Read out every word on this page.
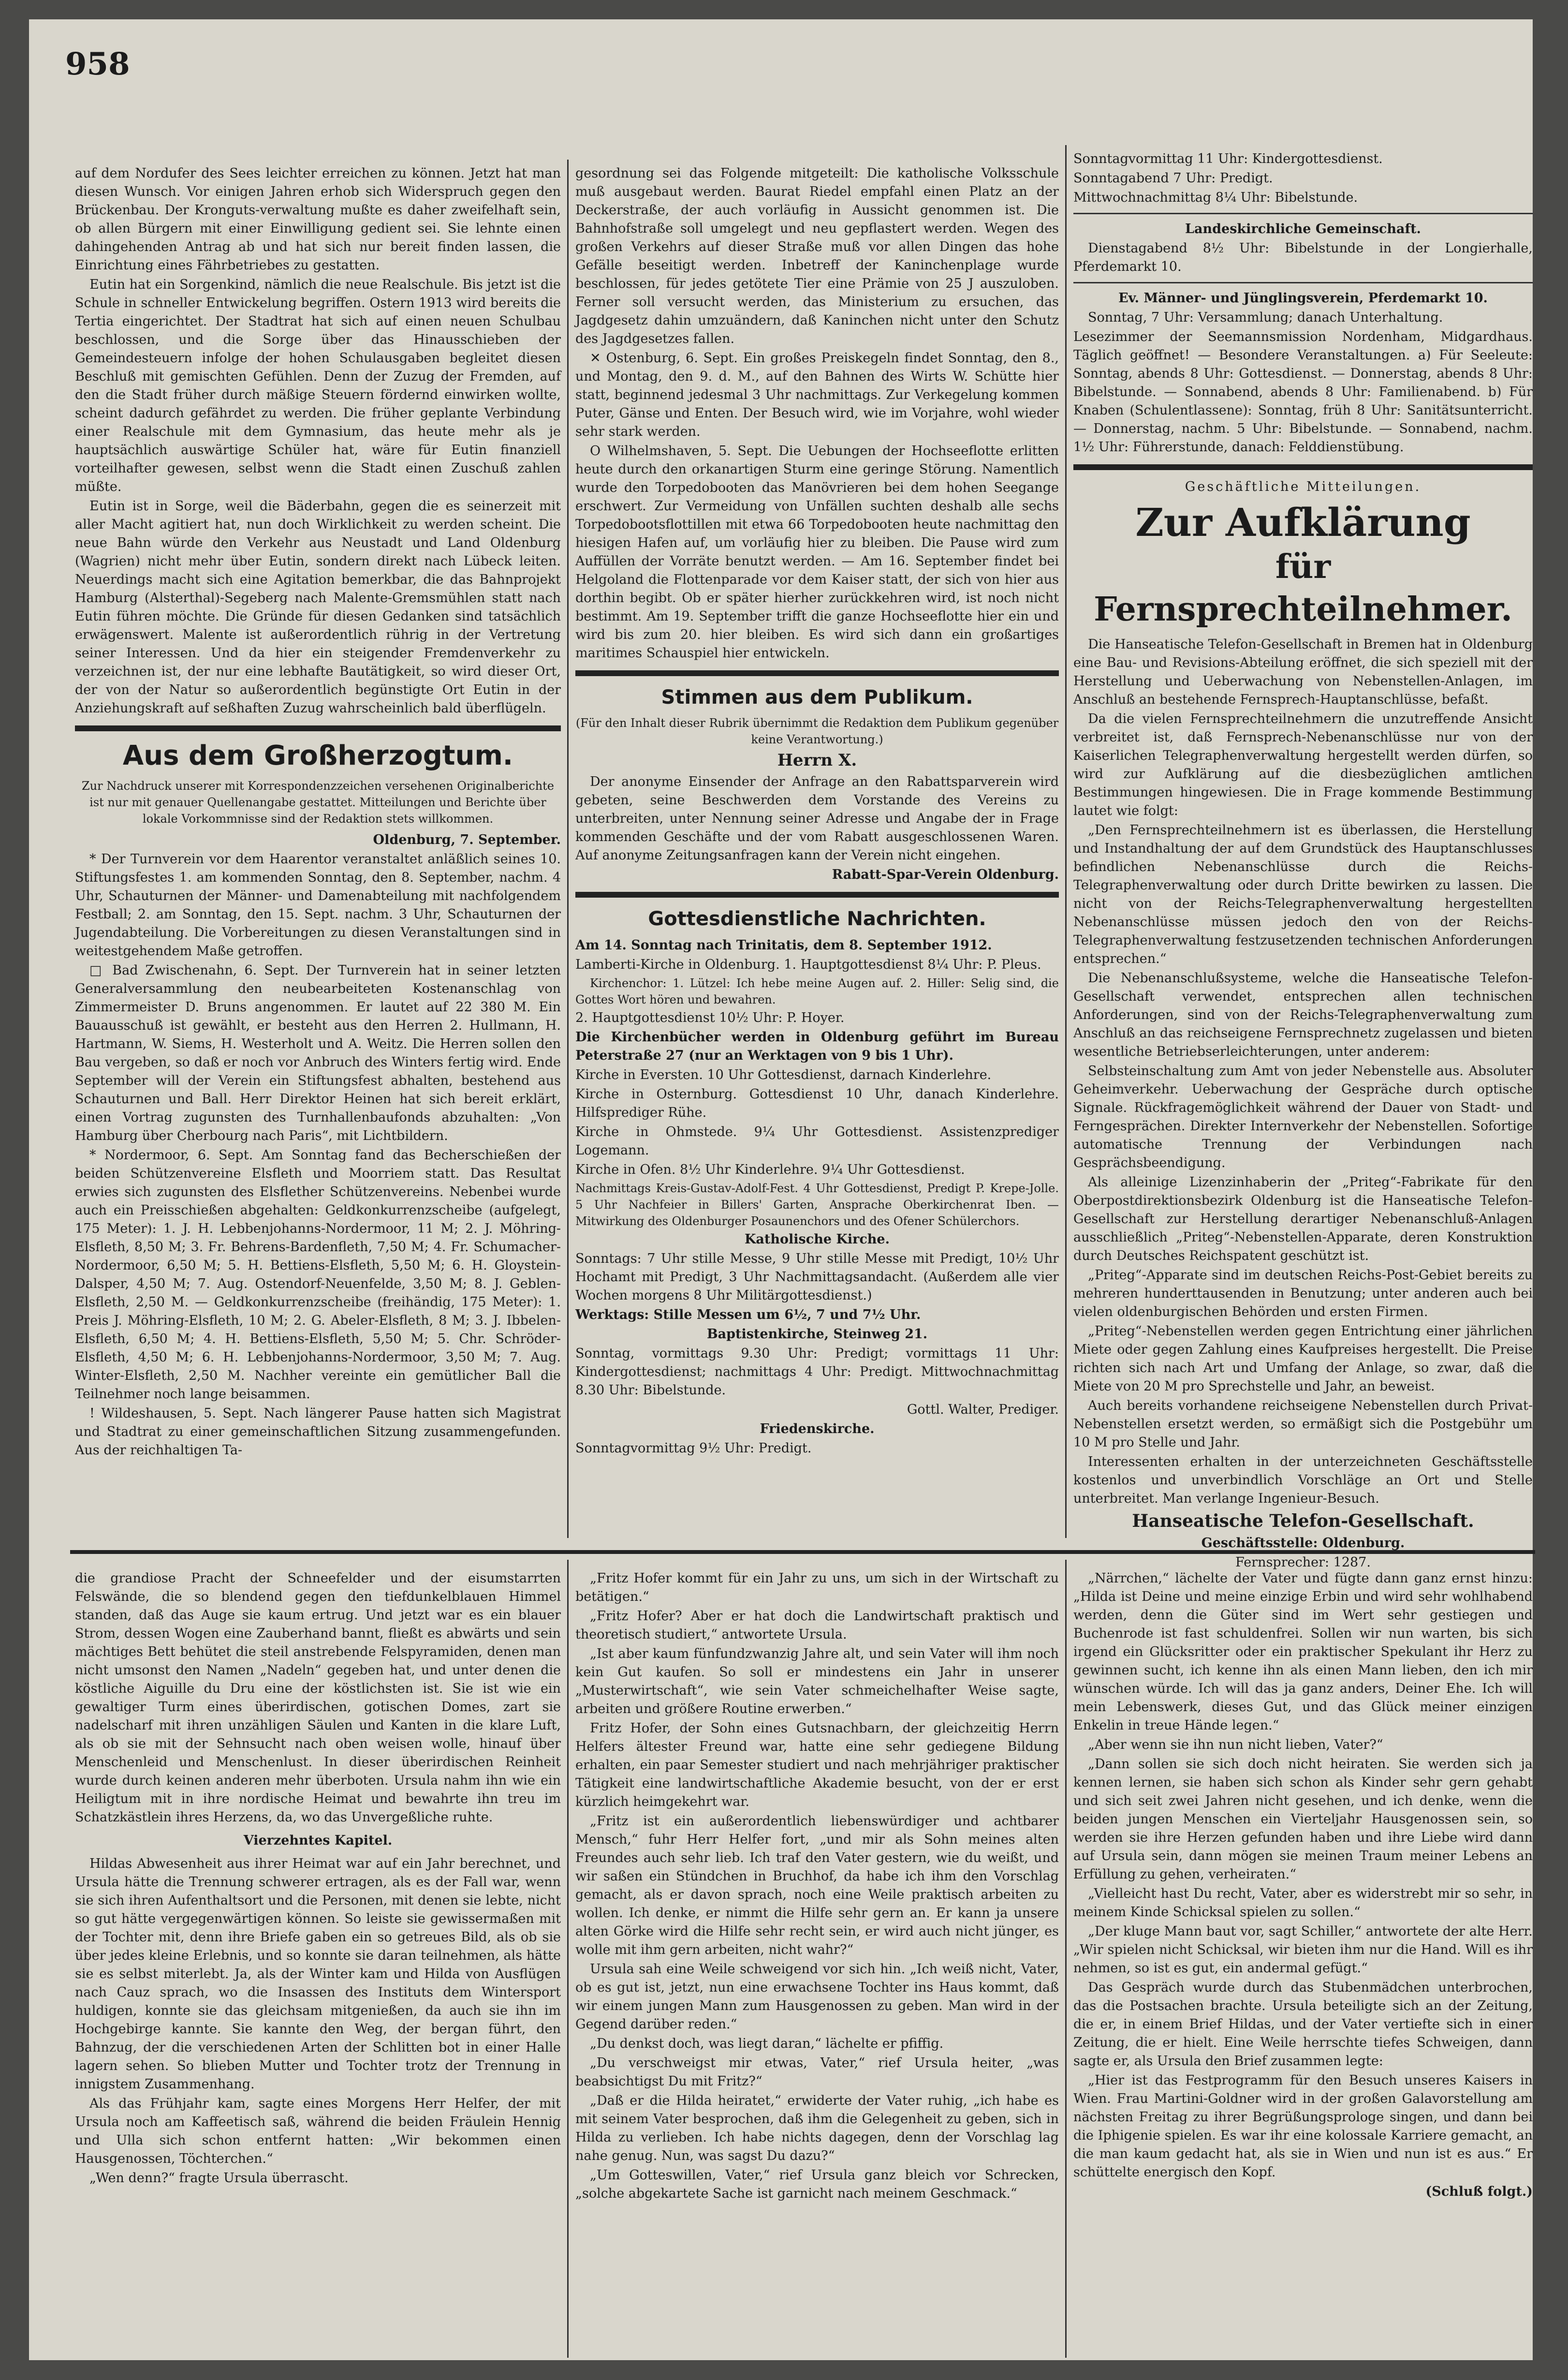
958

auf dem Nordufer des Sees leichter erreichen zu können. Jetzt hat man diesen Wunsch. Vor einigen Jahren erhob sich Widerspruch gegen den Brückenbau. Der Kronguts-verwaltung mußte es daher zweifelhaft sein, ob allen Bürgern mit einer Einwilligung gedient sei. Sie lehnte einen dahingehenden Antrag ab und hat sich nur bereit finden lassen, die Einrichtung eines Fährbetriebes zu gestatten.

Eutin hat ein Sorgenkind, nämlich die neue Realschule. Bis jetzt ist die Schule in schneller Entwickelung begriffen. Ostern 1913 wird bereits die Tertia eingerichtet. Der Stadtrat hat sich auf einen neuen Schulbau beschlossen, und die Sorge über das Hinausschieben der Gemeindesteuern infolge der hohen Schulausgaben begleitet diesen Beschluß mit gemischten Gefühlen. Denn der Zuzug der Fremden, auf den die Stadt früher durch mäßige Steuern fördernd einwirken wollte, scheint dadurch gefährdet zu werden. Die früher geplante Verbindung einer Realschule mit dem Gymnasium, das heute mehr als je hauptsächlich auswärtige Schüler hat, wäre für Eutin finanziell vorteilhafter gewesen, selbst wenn die Stadt einen Zuschuß zahlen müßte.

Eutin ist in Sorge, weil die Bäderbahn, gegen die es seinerzeit mit aller Macht agitiert hat, nun doch Wirklichkeit zu werden scheint. Die neue Bahn würde den Verkehr aus Neustadt und Land Oldenburg (Wagrien) nicht mehr über Eutin, sondern direkt nach Lübeck leiten. Neuerdings macht sich eine Agitation bemerkbar, die das Bahnprojekt Hamburg (Alsterthal)-Segeberg nach Malente-Gremsmühlen statt nach Eutin führen möchte. Die Gründe für diesen Gedanken sind tatsächlich erwägenswert. Malente ist außerordentlich rührig in der Vertretung seiner Interessen. Und da hier ein steigender Fremdenverkehr zu verzeichnen ist, der nur eine lebhafte Bautätigkeit, so wird dieser Ort, der von der Natur so außerordentlich begünstigte Ort Eutin in der Anziehungskraft auf seßhaften Zuzug wahrscheinlich bald überflügeln.

Aus dem Großherzogtum.

Zur Nachdruck unserer mit Korrespondenzzeichen versehenen Originalberichte ist nur mit genauer Quellenangabe gestattet. Mitteilungen und Berichte über lokale Vorkommnisse sind der Redaktion stets willkommen.

Oldenburg, 7. September.

* Der Turnverein vor dem Haarentor veranstaltet anläßlich seines 10. Stiftungsfestes 1. am kommenden Sonntag, den 8. September, nachm. 4 Uhr, Schauturnen der Männer- und Damenabteilung mit nachfolgendem Festball; 2. am Sonntag, den 15. Sept. nachm. 3 Uhr, Schauturnen der Jugendabteilung. Die Vorbereitungen zu diesen Veranstaltungen sind in weitestgehendem Maße getroffen.

□ Bad Zwischenahn, 6. Sept. Der Turnverein hat in seiner letzten Generalversammlung den neubearbeiteten Kostenanschlag von Zimmermeister D. Bruns angenommen. Er lautet auf 22 380 M. Ein Bauausschuß ist gewählt, er besteht aus den Herren 2. Hullmann, H. Hartmann, W. Siems, H. Westerholt und A. Weitz. Die Herren sollen den Bau vergeben, so daß er noch vor Anbruch des Winters fertig wird. Ende September will der Verein ein Stiftungsfest abhalten, bestehend aus Schauturnen und Ball. Herr Direktor Heinen hat sich bereit erklärt, einen Vortrag zugunsten des Turnhallenbaufonds abzuhalten: „Von Hamburg über Cherbourg nach Paris“, mit Lichtbildern.

* Nordermoor, 6. Sept. Am Sonntag fand das Becherschießen der beiden Schützenvereine Elsfleth und Moorriem statt. Das Resultat erwies sich zugunsten des Elsflether Schützenvereins. Nebenbei wurde auch ein Preisschießen abgehalten: Geldkonkurrenzscheibe (aufgelegt, 175 Meter): 1. J. H. Lebbenjohanns-Nordermoor, 11 M; 2. J. Möhring-Elsfleth, 8,50 M; 3. Fr. Behrens-Bardenfleth, 7,50 M; 4. Fr. Schumacher-Nordermoor, 6,50 M; 5. H. Bettiens-Elsfleth, 5,50 M; 6. H. Gloystein-Dalsper, 4,50 M; 7. Aug. Ostendorf-Neuenfelde, 3,50 M; 8. J. Geblen-Elsfleth, 2,50 M. — Geldkonkurrenzscheibe (freihändig, 175 Meter): 1. Preis J. Möhring-Elsfleth, 10 M; 2. G. Abeler-Elsfleth, 8 M; 3. J. Ibbelen-Elsfleth, 6,50 M; 4. H. Bettiens-Elsfleth, 5,50 M; 5. Chr. Schröder-Elsfleth, 4,50 M; 6. H. Lebbenjohanns-Nordermoor, 3,50 M; 7. Aug. Winter-Elsfleth, 2,50 M. Nachher vereinte ein gemütlicher Ball die Teilnehmer noch lange beisammen.

! Wildeshausen, 5. Sept. Nach längerer Pause hatten sich Magistrat und Stadtrat zu einer gemeinschaftlichen Sitzung zusammengefunden. Aus der reichhaltigen Ta-

gesordnung sei das Folgende mitgeteilt: Die katholische Volksschule muß ausgebaut werden. Baurat Riedel empfahl einen Platz an der Deckerstraße, der auch vorläufig in Aussicht genommen ist. Die Bahnhofstraße soll umgelegt und neu gepflastert werden. Wegen des großen Verkehrs auf dieser Straße muß vor allen Dingen das hohe Gefälle beseitigt werden. Inbetreff der Kaninchenplage wurde beschlossen, für jedes getötete Tier eine Prämie von 25 J auszuloben. Ferner soll versucht werden, das Ministerium zu ersuchen, das Jagdgesetz dahin umzuändern, daß Kaninchen nicht unter den Schutz des Jagdgesetzes fallen.

✕ Ostenburg, 6. Sept. Ein großes Preiskegeln findet Sonntag, den 8., und Montag, den 9. d. M., auf den Bahnen des Wirts W. Schütte hier statt, beginnend jedesmal 3 Uhr nachmittags. Zur Verkegelung kommen Puter, Gänse und Enten. Der Besuch wird, wie im Vorjahre, wohl wieder sehr stark werden.

O Wilhelmshaven, 5. Sept. Die Uebungen der Hochseeflotte erlitten heute durch den orkanartigen Sturm eine geringe Störung. Namentlich wurde den Torpedobooten das Manövrieren bei dem hohen Seegange erschwert. Zur Vermeidung von Unfällen suchten deshalb alle sechs Torpedobootsflottillen mit etwa 66 Torpedobooten heute nachmittag den hiesigen Hafen auf, um vorläufig hier zu bleiben. Die Pause wird zum Auffüllen der Vorräte benutzt werden. — Am 16. September findet bei Helgoland die Flottenparade vor dem Kaiser statt, der sich von hier aus dorthin begibt. Ob er später hierher zurückkehren wird, ist noch nicht bestimmt. Am 19. September trifft die ganze Hochseeflotte hier ein und wird bis zum 20. hier bleiben. Es wird sich dann ein großartiges maritimes Schauspiel hier entwickeln.

Stimmen aus dem Publikum.

(Für den Inhalt dieser Rubrik übernimmt die Redaktion dem Publikum gegenüber keine Verantwortung.)

Herrn X.

Der anonyme Einsender der Anfrage an den Rabattsparverein wird gebeten, seine Beschwerden dem Vorstande des Vereins zu unterbreiten, unter Nennung seiner Adresse und Angabe der in Frage kommenden Geschäfte und der vom Rabatt ausgeschlossenen Waren. Auf anonyme Zeitungsanfragen kann der Verein nicht eingehen.

Rabatt-Spar-Verein Oldenburg.

Gottesdienstliche Nachrichten.

Am 14. Sonntag nach Trinitatis, dem 8. September 1912.

Lamberti-Kirche in Oldenburg. 1. Hauptgottesdienst 8¼ Uhr: P. Pleus.

Kirchenchor: 1. Lützel: Ich hebe meine Augen auf. 2. Hiller: Selig sind, die Gottes Wort hören und bewahren.

2. Hauptgottesdienst 10½ Uhr: P. Hoyer.

Die Kirchenbücher werden in Oldenburg geführt im Bureau Peterstraße 27 (nur an Werktagen von 9 bis 1 Uhr).

Kirche in Eversten. 10 Uhr Gottesdienst, darnach Kinderlehre.

Kirche in Osternburg. Gottesdienst 10 Uhr, danach Kinderlehre. Hilfsprediger Rühe.

Kirche in Ohmstede. 9¼ Uhr Gottesdienst. Assistenzprediger Logemann.

Kirche in Ofen. 8½ Uhr Kinderlehre. 9¼ Uhr Gottesdienst.

Nachmittags Kreis-Gustav-Adolf-Fest. 4 Uhr Gottesdienst, Predigt P. Krepe-Jolle. 5 Uhr Nachfeier in Billers' Garten, Ansprache Oberkirchenrat Iben. — Mitwirkung des Oldenburger Posaunenchors und des Ofener Schülerchors.

Katholische Kirche.

Sonntags: 7 Uhr stille Messe, 9 Uhr stille Messe mit Predigt, 10½ Uhr Hochamt mit Predigt, 3 Uhr Nachmittagsandacht. (Außerdem alle vier Wochen morgens 8 Uhr Militärgottesdienst.)

Werktags: Stille Messen um 6½, 7 und 7½ Uhr.

Baptistenkirche, Steinweg 21.

Sonntag, vormittags 9.30 Uhr: Predigt; vormittags 11 Uhr: Kindergottesdienst; nachmittags 4 Uhr: Predigt. Mittwochnachmittag 8.30 Uhr: Bibelstunde.

Gottl. Walter, Prediger.

Friedenskirche.

Sonntagvormittag 9½ Uhr: Predigt.

Sonntagvormittag 11 Uhr: Kindergottesdienst.

Sonntagabend 7 Uhr: Predigt.

Mittwochnachmittag 8¼ Uhr: Bibelstunde.

Landeskirchliche Gemeinschaft.

Dienstagabend 8½ Uhr: Bibelstunde in der Longierhalle, Pferdemarkt 10.

Ev. Männer- und Jünglingsverein, Pferdemarkt 10.

Sonntag, 7 Uhr: Versammlung; danach Unterhaltung.

Lesezimmer der Seemannsmission Nordenham, Midgardhaus. Täglich geöffnet! — Besondere Veranstaltungen. a) Für Seeleute: Sonntag, abends 8 Uhr: Gottesdienst. — Donnerstag, abends 8 Uhr: Bibelstunde. — Sonnabend, abends 8 Uhr: Familienabend. b) Für Knaben (Schulentlassene): Sonntag, früh 8 Uhr: Sanitätsunterricht. — Donnerstag, nachm. 5 Uhr: Bibelstunde. — Sonnabend, nachm. 1½ Uhr: Führerstunde, danach: Felddienstübung.

Geschäftliche Mitteilungen.

Zur Aufklärung
für Fernsprechteilnehmer.

Die Hanseatische Telefon-Gesellschaft in Bremen hat in Oldenburg eine Bau- und Revisions-Abteilung eröffnet, die sich speziell mit der Herstellung und Ueberwachung von Nebenstellen-Anlagen, im Anschluß an bestehende Fernsprech-Hauptanschlüsse, befaßt.

Da die vielen Fernsprechteilnehmern die unzutreffende Ansicht verbreitet ist, daß Fernsprech-Nebenanschlüsse nur von der Kaiserlichen Telegraphenverwaltung hergestellt werden dürfen, so wird zur Aufklärung auf die diesbezüglichen amtlichen Bestimmungen hingewiesen. Die in Frage kommende Bestimmung lautet wie folgt:

„Den Fernsprechteilnehmern ist es überlassen, die Herstellung und Instandhaltung der auf dem Grundstück des Hauptanschlusses befindlichen Nebenanschlüsse durch die Reichs-Telegraphenverwaltung oder durch Dritte bewirken zu lassen. Die nicht von der Reichs-Telegraphenverwaltung hergestellten Nebenanschlüsse müssen jedoch den von der Reichs-Telegraphenverwaltung festzusetzenden technischen Anforderungen entsprechen.“

Die Nebenanschlußsysteme, welche die Hanseatische Telefon-Gesellschaft verwendet, entsprechen allen technischen Anforderungen, sind von der Reichs-Telegraphenverwaltung zum Anschluß an das reichseigene Fernsprechnetz zugelassen und bieten wesentliche Betriebserleichterungen, unter anderem:

Selbsteinschaltung zum Amt von jeder Nebenstelle aus. Absoluter Geheimverkehr. Ueberwachung der Gespräche durch optische Signale. Rückfragemöglichkeit während der Dauer von Stadt- und Ferngesprächen. Direkter Internverkehr der Nebenstellen. Sofortige automatische Trennung der Verbindungen nach Gesprächsbeendigung.

Als alleinige Lizenzinhaberin der „Priteg“-Fabrikate für den Oberpostdirektionsbezirk Oldenburg ist die Hanseatische Telefon-Gesellschaft zur Herstellung derartiger Nebenanschluß-Anlagen ausschließlich „Priteg“-Nebenstellen-Apparate, deren Konstruktion durch Deutsches Reichspatent geschützt ist.

„Priteg“-Apparate sind im deutschen Reichs-Post-Gebiet bereits zu mehreren hunderttausenden in Benutzung; unter anderen auch bei vielen oldenburgischen Behörden und ersten Firmen.

„Priteg“-Nebenstellen werden gegen Entrichtung einer jährlichen Miete oder gegen Zahlung eines Kaufpreises hergestellt. Die Preise richten sich nach Art und Umfang der Anlage, so zwar, daß die Miete von 20 M pro Sprechstelle und Jahr, an beweist.

Auch bereits vorhandene reichseigene Nebenstellen durch Privat-Nebenstellen ersetzt werden, so ermäßigt sich die Postgebühr um 10 M pro Stelle und Jahr.

Interessenten erhalten in der unterzeichneten Geschäftsstelle kostenlos und unverbindlich Vorschläge an Ort und Stelle unterbreitet. Man verlange Ingenieur-Besuch.

Hanseatische Telefon-Gesellschaft.

Geschäftsstelle: Oldenburg.

Fernsprecher: 1287.

die grandiose Pracht der Schneefelder und der eisumstarrten Felswände, die so blendend gegen den tiefdunkelblauen Himmel standen, daß das Auge sie kaum ertrug. Und jetzt war es ein blauer Strom, dessen Wogen eine Zauberhand bannt, fließt es abwärts und sein mächtiges Bett behütet die steil anstrebende Felspyramiden, denen man nicht umsonst den Namen „Nadeln“ gegeben hat, und unter denen die köstliche Aiguille du Dru eine der köstlichsten ist. Sie ist wie ein gewaltiger Turm eines überirdischen, gotischen Domes, zart sie nadelscharf mit ihren unzähligen Säulen und Kanten in die klare Luft, als ob sie mit der Sehnsucht nach oben weisen wolle, hinauf über Menschenleid und Menschenlust. In dieser überirdischen Reinheit wurde durch keinen anderen mehr überboten. Ursula nahm ihn wie ein Heiligtum mit in ihre nordische Heimat und bewahrte ihn treu im Schatzkästlein ihres Herzens, da, wo das Unvergeßliche ruhte.

Vierzehntes Kapitel.

Hildas Abwesenheit aus ihrer Heimat war auf ein Jahr berechnet, und Ursula hätte die Trennung schwerer ertragen, als es der Fall war, wenn sie sich ihren Aufenthaltsort und die Personen, mit denen sie lebte, nicht so gut hätte vergegenwärtigen können. So leiste sie gewissermaßen mit der Tochter mit, denn ihre Briefe gaben ein so getreues Bild, als ob sie über jedes kleine Erlebnis, und so konnte sie daran teilnehmen, als hätte sie es selbst miterlebt. Ja, als der Winter kam und Hilda von Ausflügen nach Cauz sprach, wo die Insassen des Instituts dem Wintersport huldigen, konnte sie das gleichsam mitgenießen, da auch sie ihn im Hochgebirge kannte. Sie kannte den Weg, der bergan führt, den Bahnzug, der die verschiedenen Arten der Schlitten bot in einer Halle lagern sehen. So blieben Mutter und Tochter trotz der Trennung in innigstem Zusammenhang.

Als das Frühjahr kam, sagte eines Morgens Herr Helfer, der mit Ursula noch am Kaffeetisch saß, während die beiden Fräulein Hennig und Ulla sich schon entfernt hatten: „Wir bekommen einen Hausgenossen, Töchterchen.“

„Wen denn?“ fragte Ursula überrascht.

„Fritz Hofer kommt für ein Jahr zu uns, um sich in der Wirtschaft zu betätigen.“

„Fritz Hofer? Aber er hat doch die Landwirtschaft praktisch und theoretisch studiert,“ antwortete Ursula.

„Ist aber kaum fünfundzwanzig Jahre alt, und sein Vater will ihm noch kein Gut kaufen. So soll er mindestens ein Jahr in unserer „Musterwirtschaft“, wie sein Vater schmeichelhafter Weise sagte, arbeiten und größere Routine erwerben.“

Fritz Hofer, der Sohn eines Gutsnachbarn, der gleichzeitig Herrn Helfers ältester Freund war, hatte eine sehr gediegene Bildung erhalten, ein paar Semester studiert und nach mehrjähriger praktischer Tätigkeit eine landwirtschaftliche Akademie besucht, von der er erst kürzlich heimgekehrt war.

„Fritz ist ein außerordentlich liebenswürdiger und achtbarer Mensch,“ fuhr Herr Helfer fort, „und mir als Sohn meines alten Freundes auch sehr lieb. Ich traf den Vater gestern, wie du weißt, und wir saßen ein Stündchen in Bruchhof, da habe ich ihm den Vorschlag gemacht, als er davon sprach, noch eine Weile praktisch arbeiten zu wollen. Ich denke, er nimmt die Hilfe sehr gern an. Er kann ja unsere alten Görke wird die Hilfe sehr recht sein, er wird auch nicht jünger, es wolle mit ihm gern arbeiten, nicht wahr?“

Ursula sah eine Weile schweigend vor sich hin. „Ich weiß nicht, Vater, ob es gut ist, jetzt, nun eine erwachsene Tochter ins Haus kommt, daß wir einem jungen Mann zum Hausgenossen zu geben. Man wird in der Gegend darüber reden.“

„Du denkst doch, was liegt daran,“ lächelte er pfiffig.

„Du verschweigst mir etwas, Vater,“ rief Ursula heiter, „was beabsichtigst Du mit Fritz?“

„Daß er die Hilda heiratet,“ erwiderte der Vater ruhig, „ich habe es mit seinem Vater besprochen, daß ihm die Gelegenheit zu geben, sich in Hilda zu verlieben. Ich habe nichts dagegen, denn der Vorschlag lag nahe genug. Nun, was sagst Du dazu?“

„Um Gotteswillen, Vater,“ rief Ursula ganz bleich vor Schrecken, „solche abgekartete Sache ist garnicht nach meinem Geschmack.“

„Närrchen,“ lächelte der Vater und fügte dann ganz ernst hinzu: „Hilda ist Deine und meine einzige Erbin und wird sehr wohlhabend werden, denn die Güter sind im Wert sehr gestiegen und Buchenrode ist fast schuldenfrei. Sollen wir nun warten, bis sich irgend ein Glücksritter oder ein praktischer Spekulant ihr Herz zu gewinnen sucht, ich kenne ihn als einen Mann lieben, den ich mir wünschen würde. Ich will das ja ganz anders, Deiner Ehe. Ich will mein Lebenswerk, dieses Gut, und das Glück meiner einzigen Enkelin in treue Hände legen.“

„Aber wenn sie ihn nun nicht lieben, Vater?“

„Dann sollen sie sich doch nicht heiraten. Sie werden sich ja kennen lernen, sie haben sich schon als Kinder sehr gern gehabt und sich seit zwei Jahren nicht gesehen, und ich denke, wenn die beiden jungen Menschen ein Vierteljahr Hausgenossen sein, so werden sie ihre Herzen gefunden haben und ihre Liebe wird dann auf Ursula sein, dann mögen sie meinen Traum meiner Lebens an Erfüllung zu gehen, verheiraten.“

„Vielleicht hast Du recht, Vater, aber es widerstrebt mir so sehr, in meinem Kinde Schicksal spielen zu sollen.“

„Der kluge Mann baut vor, sagt Schiller,“ antwortete der alte Herr. „Wir spielen nicht Schicksal, wir bieten ihm nur die Hand. Will es ihr nehmen, so ist es gut, ein andermal gefügt.“

Das Gespräch wurde durch das Stubenmädchen unterbrochen, das die Postsachen brachte. Ursula beteiligte sich an der Zeitung, die er, in einem Brief Hildas, und der Vater vertiefte sich in einer Zeitung, die er hielt. Eine Weile herrschte tiefes Schweigen, dann sagte er, als Ursula den Brief zusammen legte:

„Hier ist das Festprogramm für den Besuch unseres Kaisers in Wien. Frau Martini-Goldner wird in der großen Galavorstellung am nächsten Freitag zu ihrer Begrüßungsprologe singen, und dann bei die Iphigenie spielen. Es war ihr eine kolossale Karriere gemacht, an die man kaum gedacht hat, als sie in Wien und nun ist es aus.“ Er schüttelte energisch den Kopf.

(Schluß folgt.)
